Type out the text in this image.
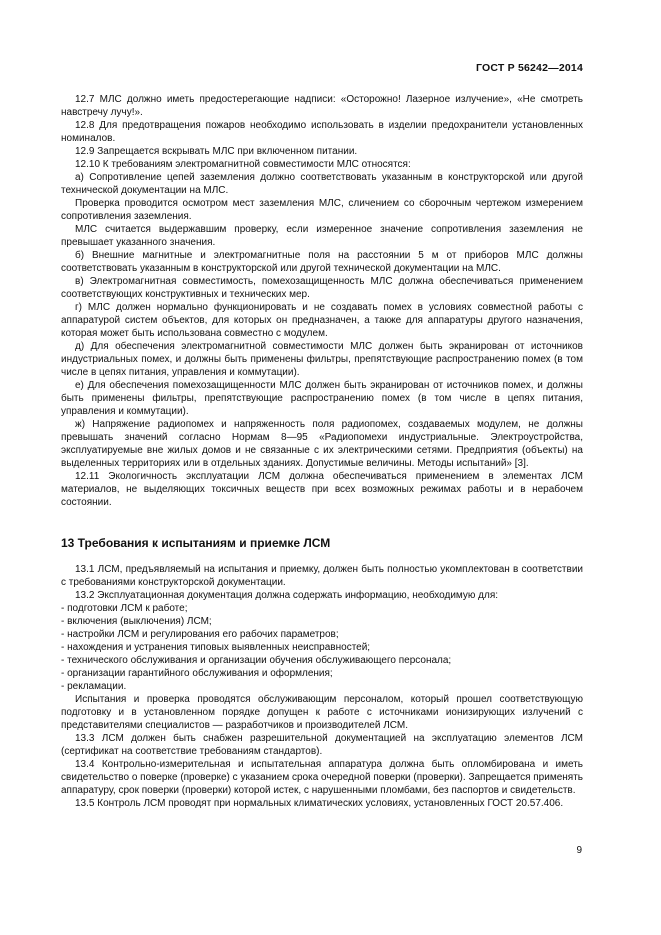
ГОСТ Р 56242—2014

12.7 МЛС должно иметь предостерегающие надписи: «Осторожно! Лазерное излучение», «Не смотреть навстречу лучу!».

12.8 Для предотвращения пожаров необходимо использовать в изделии предохранители установленных номиналов.

12.9 Запрещается вскрывать МЛС при включенном питании.

12.10 К требованиям электромагнитной совместимости МЛС относятся:

а) Сопротивление цепей заземления должно соответствовать указанным в конструкторской или другой технической документации на МЛС.

Проверка проводится осмотром мест заземления МЛС, сличением со сборочным чертежом измерением сопротивления заземления.

МЛС считается выдержавшим проверку, если измеренное значение сопротивления заземления не превышает указанного значения.

б) Внешние магнитные и электромагнитные поля на расстоянии 5 м от приборов МЛС должны соответствовать указанным в конструкторской или другой технической документации на МЛС.

в) Электромагнитная совместимость, помехозащищенность МЛС должна обеспечиваться применением соответствующих конструктивных и технических мер.

г) МЛС должен нормально функционировать и не создавать помех в условиях совместной работы с аппаратурой систем объектов, для которых он предназначен, а также для аппаратуры другого назначения, которая может быть использована совместно с модулем.

д) Для обеспечения электромагнитной совместимости МЛС должен быть экранирован от источников индустриальных помех, и должны быть применены фильтры, препятствующие распространению помех (в том числе в цепях питания, управления и коммутации).

е) Для обеспечения помехозащищенности МЛС должен быть экранирован от источников помех, и должны быть применены фильтры, препятствующие распространению помех (в том числе в цепях питания, управления и коммутации).

ж) Напряжение радиопомех и напряженность поля радиопомех, создаваемых модулем, не должны превышать значений согласно Нормам 8—95 «Радиопомехи индустриальные. Электроустройства, эксплуатируемые вне жилых домов и не связанные с их электрическими сетями. Предприятия (объекты) на выделенных территориях или в отдельных зданиях. Допустимые величины. Методы испытаний» [3].

12.11 Экологичность эксплуатации ЛСМ должна обеспечиваться применением в элементах ЛСМ материалов, не выделяющих токсичных веществ при всех возможных режимах работы и в нерабочем состоянии.

13 Требования к испытаниям и приемке ЛСМ

13.1 ЛСМ, предъявляемый на испытания и приемку, должен быть полностью укомплектован в соответствии с требованиями конструкторской документации.

13.2 Эксплуатационная документация должна содержать информацию, необходимую для:

- подготовки ЛСМ к работе;

- включения (выключения) ЛСМ;

- настройки ЛСМ и регулирования его рабочих параметров;

- нахождения и устранения типовых выявленных неисправностей;

- технического обслуживания и организации обучения обслуживающего персонала;

- организации гарантийного обслуживания и оформления;

- рекламации.

Испытания и проверка проводятся обслуживающим персоналом, который прошел соответствующую подготовку и в установленном порядке допущен к работе с источниками ионизирующих излучений с представителями специалистов — разработчиков и производителей ЛСМ.

13.3 ЛСМ должен быть снабжен разрешительной документацией на эксплуатацию элементов ЛСМ (сертификат на соответствие требованиям стандартов).

13.4 Контрольно-измерительная и испытательная аппаратура должна быть опломбирована и иметь свидетельство о поверке (проверке) с указанием срока очередной поверки (проверки). Запрещается применять аппаратуру, срок поверки (проверки) которой истек, с нарушенными пломбами, без паспортов и свидетельств.

13.5 Контроль ЛСМ проводят при нормальных климатических условиях, установленных ГОСТ 20.57.406.

9
